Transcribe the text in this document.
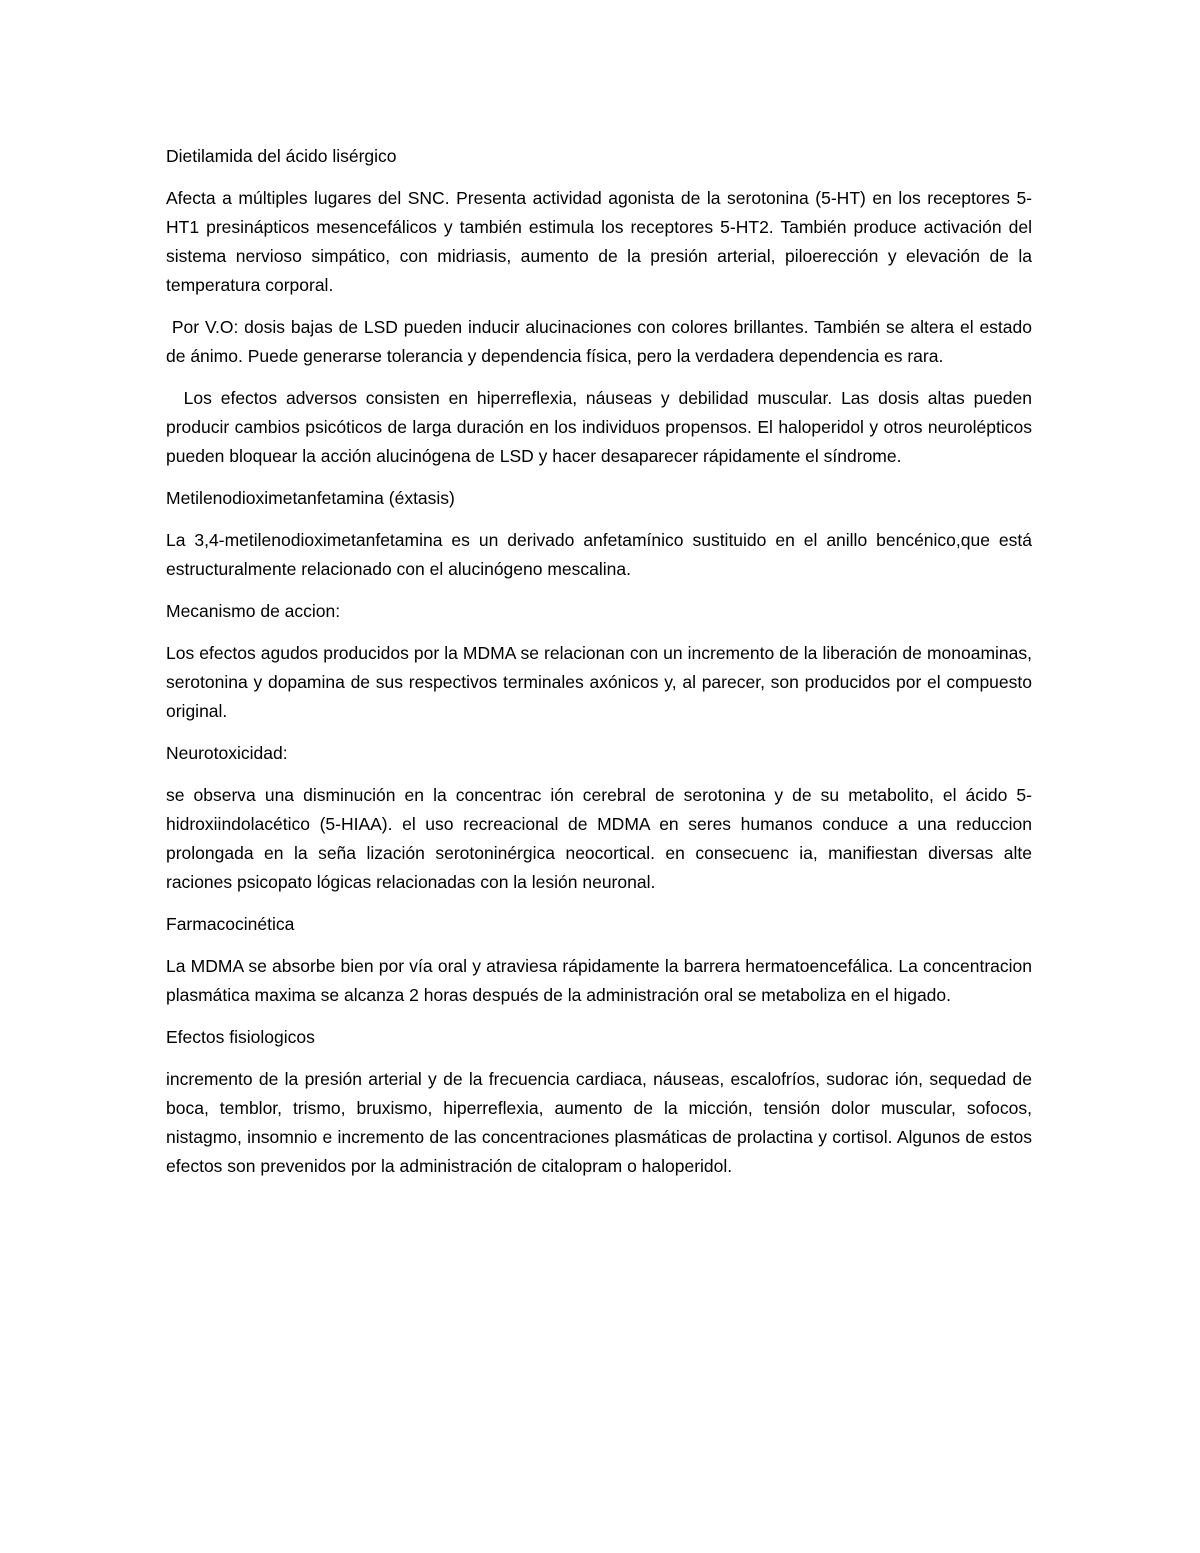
Dietilamida del ácido lisérgico

Afecta a múltiples lugares del SNC. Presenta actividad agonista de la serotonina (5-HT) en los receptores 5-HT1 presinápticos mesencefálicos y también estimula los receptores 5-HT2. También produce activación del sistema nervioso simpático, con midriasis, aumento de la presión arterial, piloerección y elevación de la temperatura corporal.

Por V.O: dosis bajas de LSD pueden inducir alucinaciones con colores brillantes. También se altera el estado de ánimo. Puede generarse tolerancia y dependencia física, pero la verdadera dependencia es rara.

Los efectos adversos consisten en hiperreflexia, náuseas y debilidad muscular. Las dosis altas pueden producir cambios psicóticos de larga duración en los individuos propensos. El haloperidol y otros neurolépticos pueden bloquear la acción alucinógena de LSD y hacer desaparecer rápidamente el síndrome.

Metilenodioximetanfetamina (éxtasis)

La 3,4-metilenodioximetanfetamina es un derivado anfetamínico sustituido en el anillo bencénico,que está estructuralmente relacionado con el alucinógeno mescalina.

Mecanismo de accion:

Los efectos agudos producidos por la MDMA se relacionan con un incremento de la liberación de monoaminas, serotonina y dopamina de sus respectivos terminales axónicos y, al parecer, son producidos por el compuesto original.

Neurotoxicidad:

se observa una disminución en la concentrac ión cerebral de serotonina y de su metabolito, el ácido 5-hidroxiindolacético (5-HIAA). el uso recreacional de MDMA en seres humanos conduce a una reduccion prolongada en la seña lización serotoninérgica neocortical. en consecuenc ia, manifiestan diversas alte raciones psicopato lógicas relacionadas con la lesión neuronal.

Farmacocinética

La MDMA se absorbe bien por vía oral y atraviesa rápidamente la barrera hermatoencefálica. La concentracion plasmática maxima se alcanza 2 horas después de la administración oral se metaboliza en el higado.

Efectos fisiologicos

incremento de la presión arterial y de la frecuencia cardiaca, náuseas, escalofríos, sudorac ión, sequedad de boca, temblor, trismo, bruxismo, hiperreflexia, aumento de la micción, tensión dolor muscular, sofocos, nistagmo, insomnio e incremento de las concentraciones plasmáticas de prolactina y cortisol. Algunos de estos efectos son prevenidos por la administración de citalopram o haloperidol.
